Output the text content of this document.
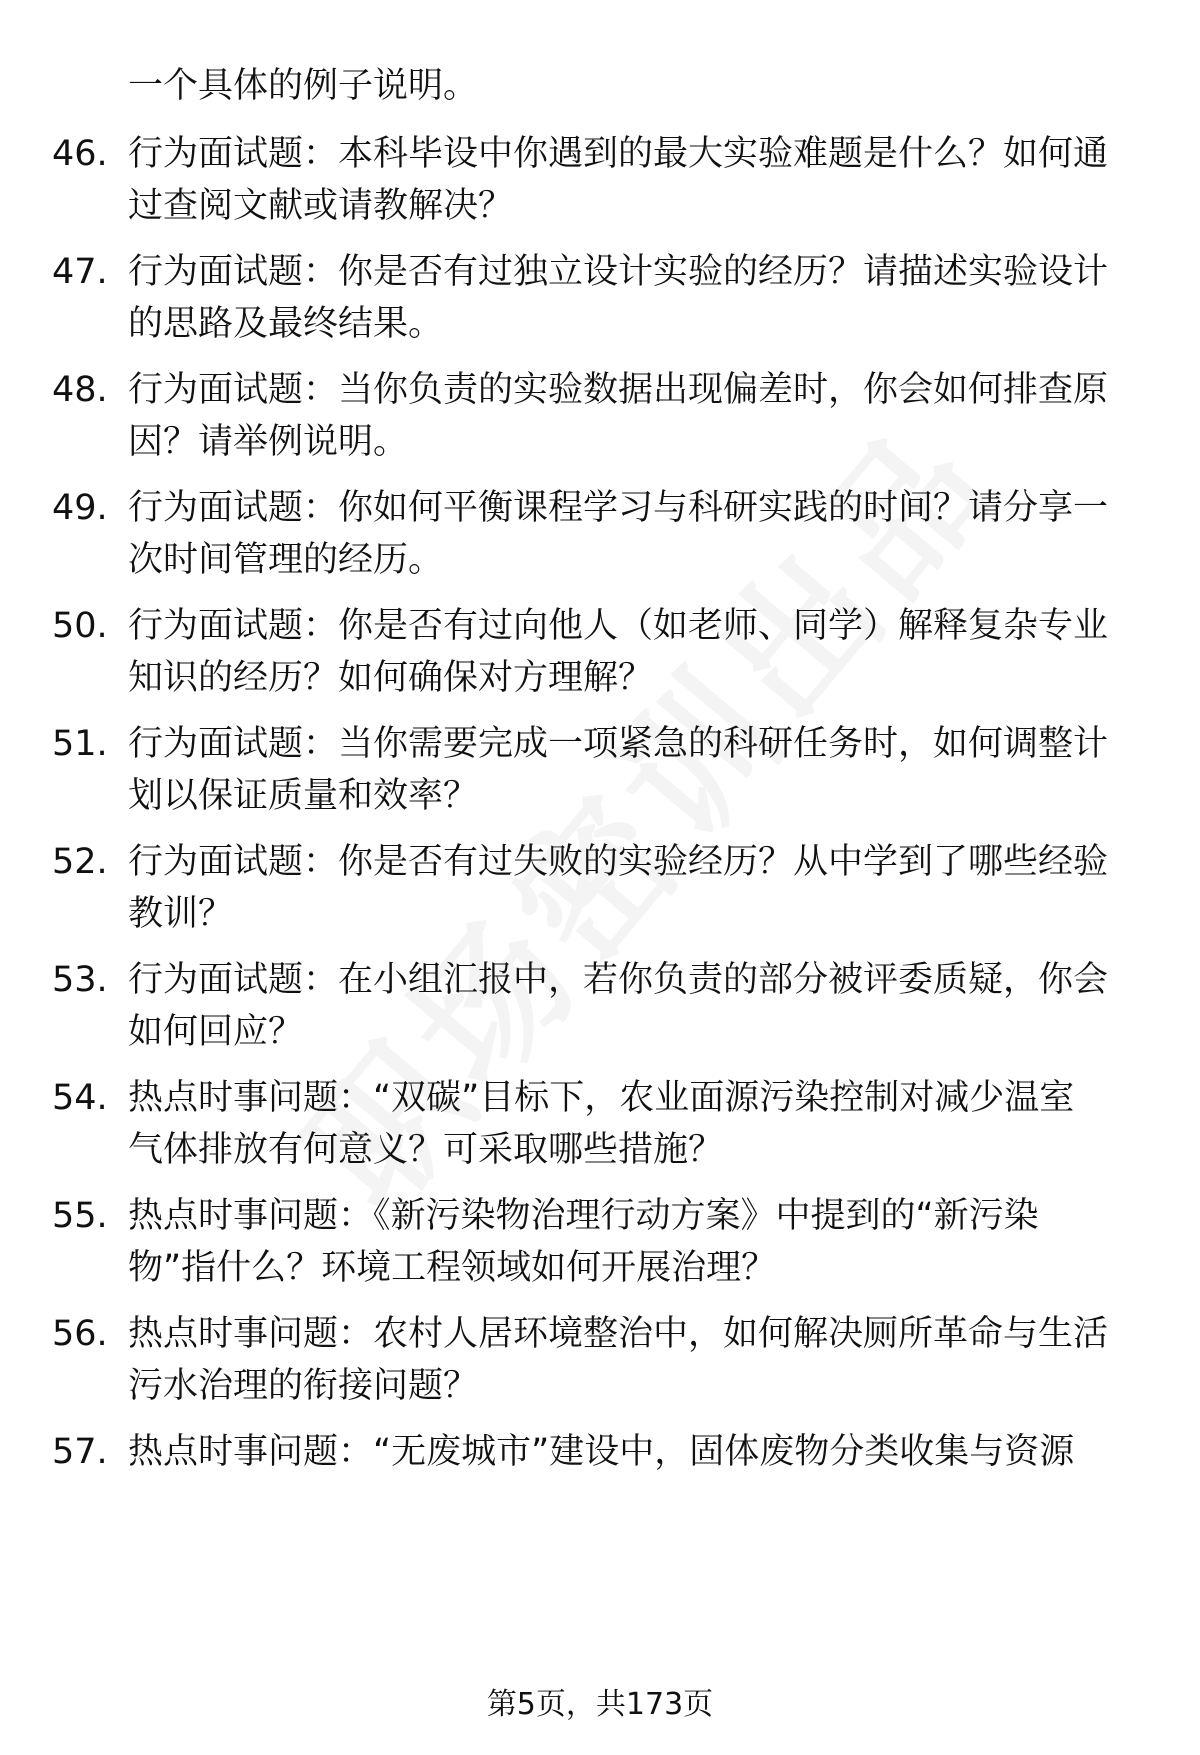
一个具体的例子说明。
46. 行为面试题：本科毕设中你遇到的最大实验难题是什么？如何通
过查阅文献或请教解决？
47. 行为面试题：你是否有过独立设计实验的经历？请描述实验设计
的思路及最终结果。
48. 行为面试题：当你负责的实验数据出现偏差时，你会如何排查原
因？请举例说明。
49. 行为面试题：你如何平衡课程学习与科研实践的时间？请分享一
次时间管理的经历。
50. 行为面试题：你是否有过向他人（如老师、同学）解释复杂专业
知识的经历？如何确保对方理解？
51. 行为面试题：当你需要完成一项紧急的科研任务时，如何调整计
划以保证质量和效率？
52. 行为面试题：你是否有过失败的实验经历？从中学到了哪些经验
教训？
53. 行为面试题：在小组汇报中，若你负责的部分被评委质疑，你会
如何回应？
54. 热点时事问题：“双碳”目标下，农业面源污染控制对减少温室
气体排放有何意义？可采取哪些措施？
55. 热点时事问题：《新污染物治理行动方案》中提到的“新污染
物”指什么？环境工程领域如何开展治理？
56. 热点时事问题：农村人居环境整治中，如何解决厕所革命与生活
污水治理的衔接问题？
57. 热点时事问题：“无废城市”建设中，固体废物分类收集与资源
第5页，共173页
